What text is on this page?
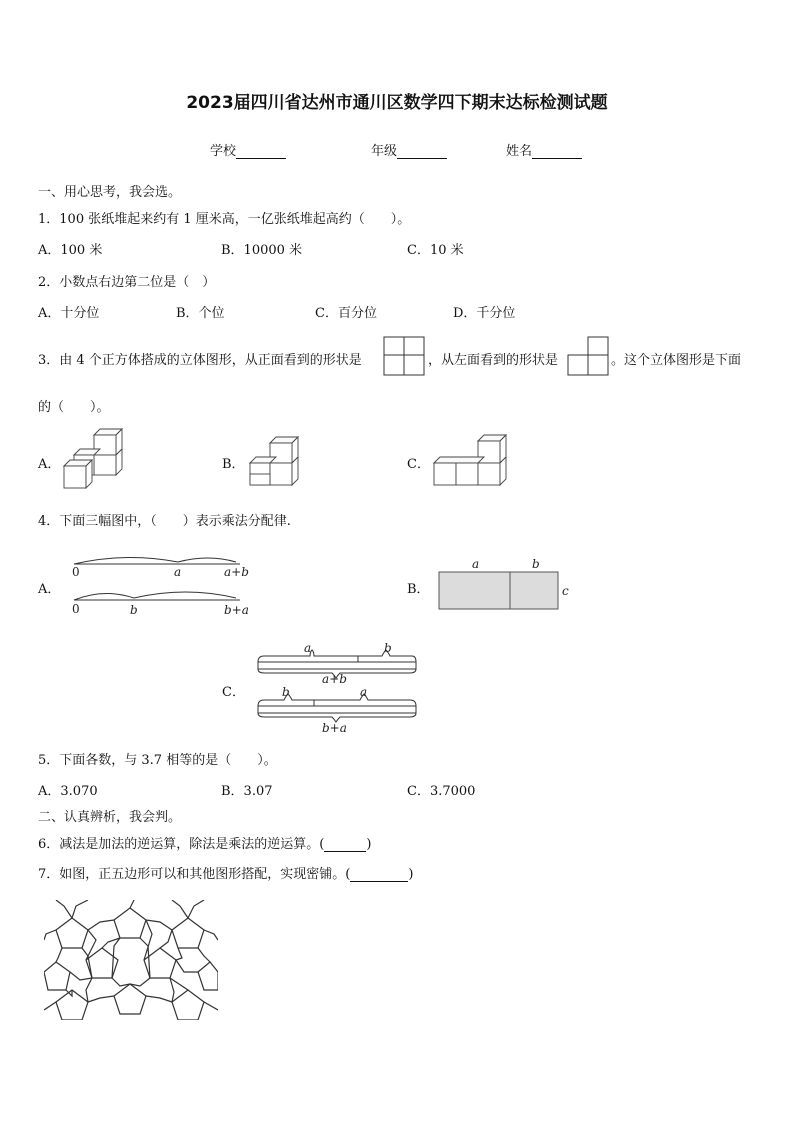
2023届四川省达州市通川区数学四下期末达标检测试题
学校	年级	姓名
一、用心思考，我会选。
1．100 张纸堆起来约有 1 厘米高，一亿张纸堆起高约（　　）。
A．100 米	B．10000 米	C．10 米
2．小数点右边第二位是（　）
A．十分位	B．个位	C．百分位	D．千分位
3．由 4 个正方体搭成的立体图形，从正面看到的形状是	，从左面看到的形状是	。这个立体图形是下面
的（　　）。
A．	B．	C．
4．下面三幅图中，（　　）表示乘法分配律.
A．
0	a	a+b
0	b	b+a
B．
a	b
c
C．
a	b
a+b
b	a
b+a
5．下面各数，与 3.7 相等的是（　　）。
A．3.070	B．3.07	C．3.7000
二、认真辨析，我会判。
6．减法是加法的逆运算，除法是乘法的逆运算。(	)
7．如图，正五边形可以和其他图形搭配，实现密铺。(	)
